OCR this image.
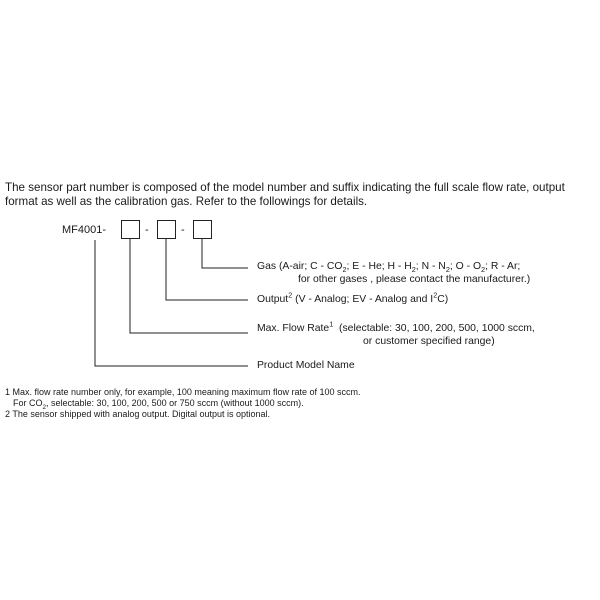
The sensor part number is composed of the model number and suffix indicating the full scale flow rate, output
format as well as the calibration gas. Refer to the followings for details.

MF4001-	-	-
Gas (A-air; C - $CO_2$; E - He; H - $H_2$; N - $N_2$; O - $O_2$; R - Ar;
for other gases , please contact the manufacturer.)
Output$^2$ (V - Analog; EV - Analog and $I^2C$)
Max. Flow Rate$^1$  (selectable: 30, 100, 200, 500, 1000 sccm,
or customer specified range)
Product Model Name
1 Max. flow rate number only, for example, 100 meaning maximum flow rate of 100 sccm.
For $CO_2$, selectable: 30, 100, 200, 500 or 750 sccm (without 1000 sccm).
2 The sensor shipped with analog output. Digital output is optional.
